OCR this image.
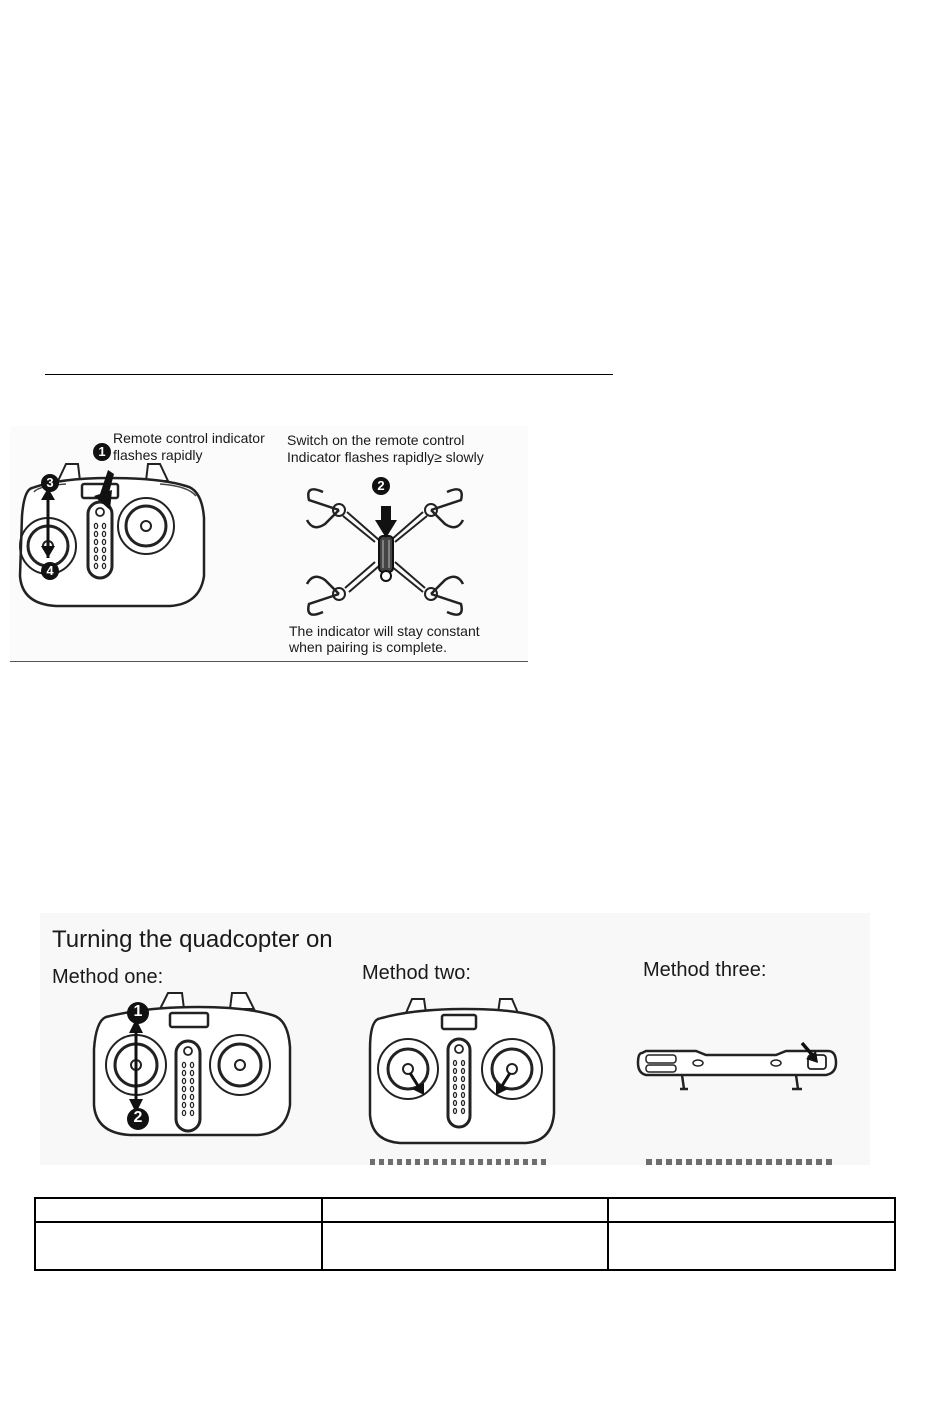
1
3
4
Remote control indicator
flashes rapidly
2
Switch on the remote control
Indicator flashes rapidly≥ slowly
The indicator will stay constant
when pairing is complete.
Turning the quadcopter on
Method one:	Method two:	Method three:
1
2
